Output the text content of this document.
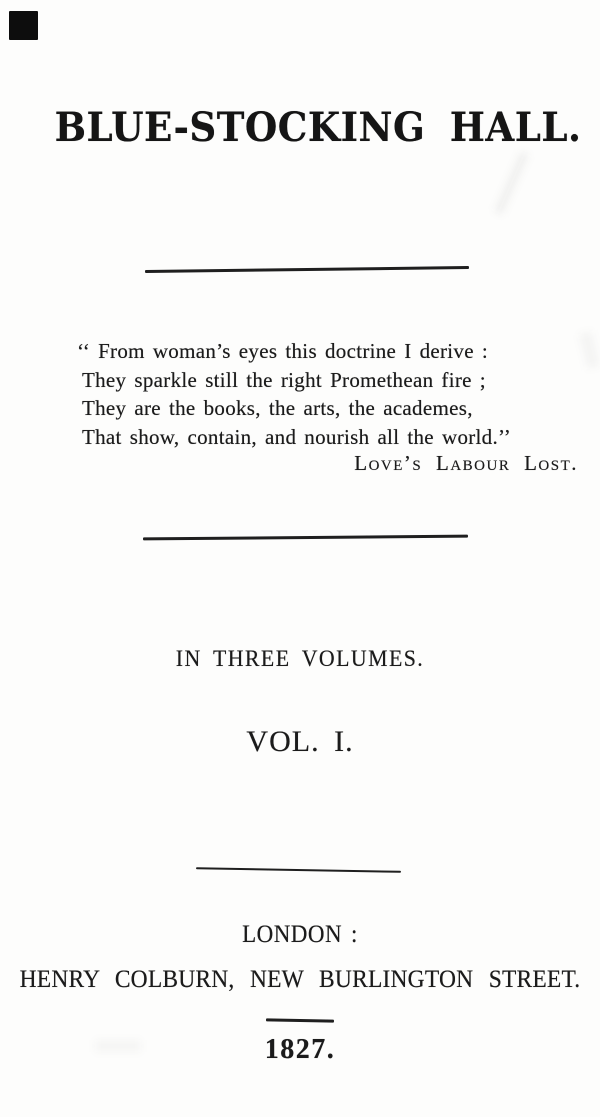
BLUE-STOCKING HALL.
‘‘ From woman’s eyes this doctrine I derive :
They sparkle still the right Promethean fire ;
They are the books, the arts, the academes,
That show, contain, and nourish all the world.’’
Love’s Labour Lost.
IN THREE VOLUMES.
VOL. I.
LONDON :
HENRY COLBURN, NEW BURLINGTON STREET.
1827.
